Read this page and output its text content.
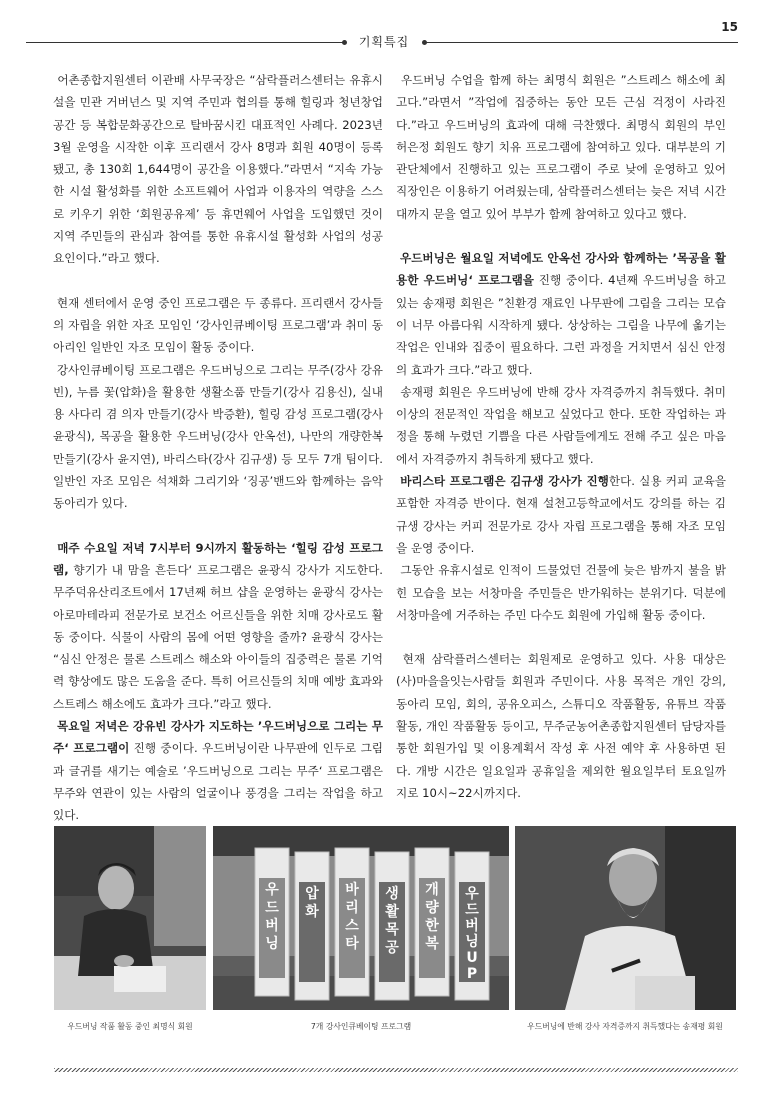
15
기획특집

어촌종합지원센터 이관배 사무국장은 “삼락플러스센터는 유휴시설을 민관 거버넌스 및 지역 주민과 협의를 통해 힐링과 청년창업 공간 등 복합문화공간으로 탈바꿈시킨 대표적인 사례다. 2023년 3월 운영을 시작한 이후 프리랜서 강사 8명과 회원 40명이 등록됐고, 총 130회 1,644명이 공간을 이용했다.”라면서 “지속 가능한 시설 활성화를 위한 소프트웨어 사업과 이용자의 역량을 스스로 키우기 위한 ‘회원공유제’ 등 휴먼웨어 사업을 도입했던 것이 지역 주민들의 관심과 참여를 통한 유휴시설 활성화 사업의 성공 요인이다.”라고 했다.

현재 센터에서 운영 중인 프로그램은 두 종류다. 프리랜서 강사들의 자립을 위한 자조 모임인 ‘강사인큐베이팅 프로그램’과 취미 동아리인 일반인 자조 모임이 활동 중이다.

강사인큐베이팅 프로그램은 우드버닝으로 그리는 무주(강사 강유빈), 누름 꽃(압화)을 활용한 생활소품 만들기(강사 김용신), 실내용 사다리 겸 의자 만들기(강사 박증환), 힐링 감성 프로그램(강사 윤광식), 목공을 활용한 우드버닝(강사 안옥선), 나만의 개량한복 만들기(강사 윤지연), 바리스타(강사 김규생) 등 모두 7개 팀이다. 일반인 자조 모임은 석채화 그리기와 ‘징공’밴드와 함께하는 음악 동아리가 있다.

매주 수요일 저녁 7시부터 9시까지 활동하는 ‘힐링 감성 프로그램, 향기가 내 맘을 흔든다‘ 프로그램은 윤광식 강사가 지도한다. 무주덕유산리조트에서 17년째 허브 샵을 운영하는 윤광식 강사는 아로마테라피 전문가로 보건소 어르신들을 위한 치매 강사로도 활동 중이다. 식물이 사람의 몸에 어떤 영향을 줄까? 윤광식 강사는 “심신 안정은 물론 스트레스 해소와 아이들의 집중력은 물론 기억력 향상에도 많은 도움을 준다. 특히 어르신들의 치매 예방 효과와 스트레스 해소에도 효과가 크다.”라고 했다.

목요일 저녁은 강유빈 강사가 지도하는 ’우드버닝으로 그리는 무주‘ 프로그램이 진행 중이다. 우드버닝이란 나무판에 인두로 그림과 글귀를 새기는 예술로 ’우드버닝으로 그리는 무주‘ 프로그램은 무주와 연관이 있는 사람의 얼굴이나 풍경을 그리는 작업을 하고 있다.

우드버닝 수업을 함께 하는 최명식 회원은 ”스트레스 해소에 최고다.”라면서 ”작업에 집중하는 동안 모든 근심 걱정이 사라진다.”라고 우드버닝의 효과에 대해 극찬했다. 최명식 회원의 부인 허은정 회원도 향기 치유 프로그램에 참여하고 있다. 대부분의 기관단체에서 진행하고 있는 프로그램이 주로 낮에 운영하고 있어 직장인은 이용하기 어려웠는데, 삼락플러스센터는 늦은 저녁 시간대까지 문을 열고 있어 부부가 함께 참여하고 있다고 했다.

우드버닝은 월요일 저녁에도 안옥선 강사와 함께하는 ’목공을 활용한 우드버닝‘ 프로그램을 진행 중이다. 4년째 우드버닝을 하고 있는 송재평 회원은 ”친환경 재료인 나무판에 그림을 그리는 모습이 너무 아름다워 시작하게 됐다. 상상하는 그림을 나무에 옮기는 작업은 인내와 집중이 필요하다. 그런 과정을 거치면서 심신 안정의 효과가 크다.”라고 했다.

송재평 회원은 우드버닝에 반해 강사 자격증까지 취득했다. 취미 이상의 전문적인 작업을 해보고 싶었다고 한다. 또한 작업하는 과정을 통해 누렸던 기쁨을 다른 사람들에게도 전해 주고 싶은 마음에서 자격증까지 취득하게 됐다고 했다.

바리스타 프로그램은 김규생 강사가 진행한다. 실용 커피 교육을 포함한 자격증 반이다. 현재 설천고등학교에서도 강의를 하는 김규생 강사는 커피 전문가로 강사 자립 프로그램을 통해 자조 모임을 운영 중이다.

그동안 유휴시설로 인적이 드물었던 건물에 늦은 밤까지 불을 밝힌 모습을 보는 서창마을 주민들은 반가워하는 분위기다. 덕분에 서창마을에 거주하는 주민 다수도 회원에 가입해 활동 중이다.

현재 삼락플러스센터는 회원제로 운영하고 있다. 사용 대상은 (사)마을을잇는사람들 회원과 주민이다. 사용 목적은 개인 강의, 동아리 모임, 회의, 공유오피스, 스튜디오 작품활동, 유튜브 작품활동, 개인 작품활동 등이고, 무주군농어촌종합지원센터 담당자를 통한 회원가입 및 이용계획서 작성 후 사전 예약 후 사용하면 된다. 개방 시간은 일요일과 공휴일을 제외한 월요일부터 토요일까지로 10시~22시까지다.

우드버닝 작품 활동 중인 최명식 회원
우
드
버
닝
압
화
바
리
스
타
생
활
목
공
개
량
한
복
우
드
버
닝
U
P
7개 강사인큐베이팅 프로그램	우드버닝에 반해 강사 자격증까지 취득했다는 송재평 회원
